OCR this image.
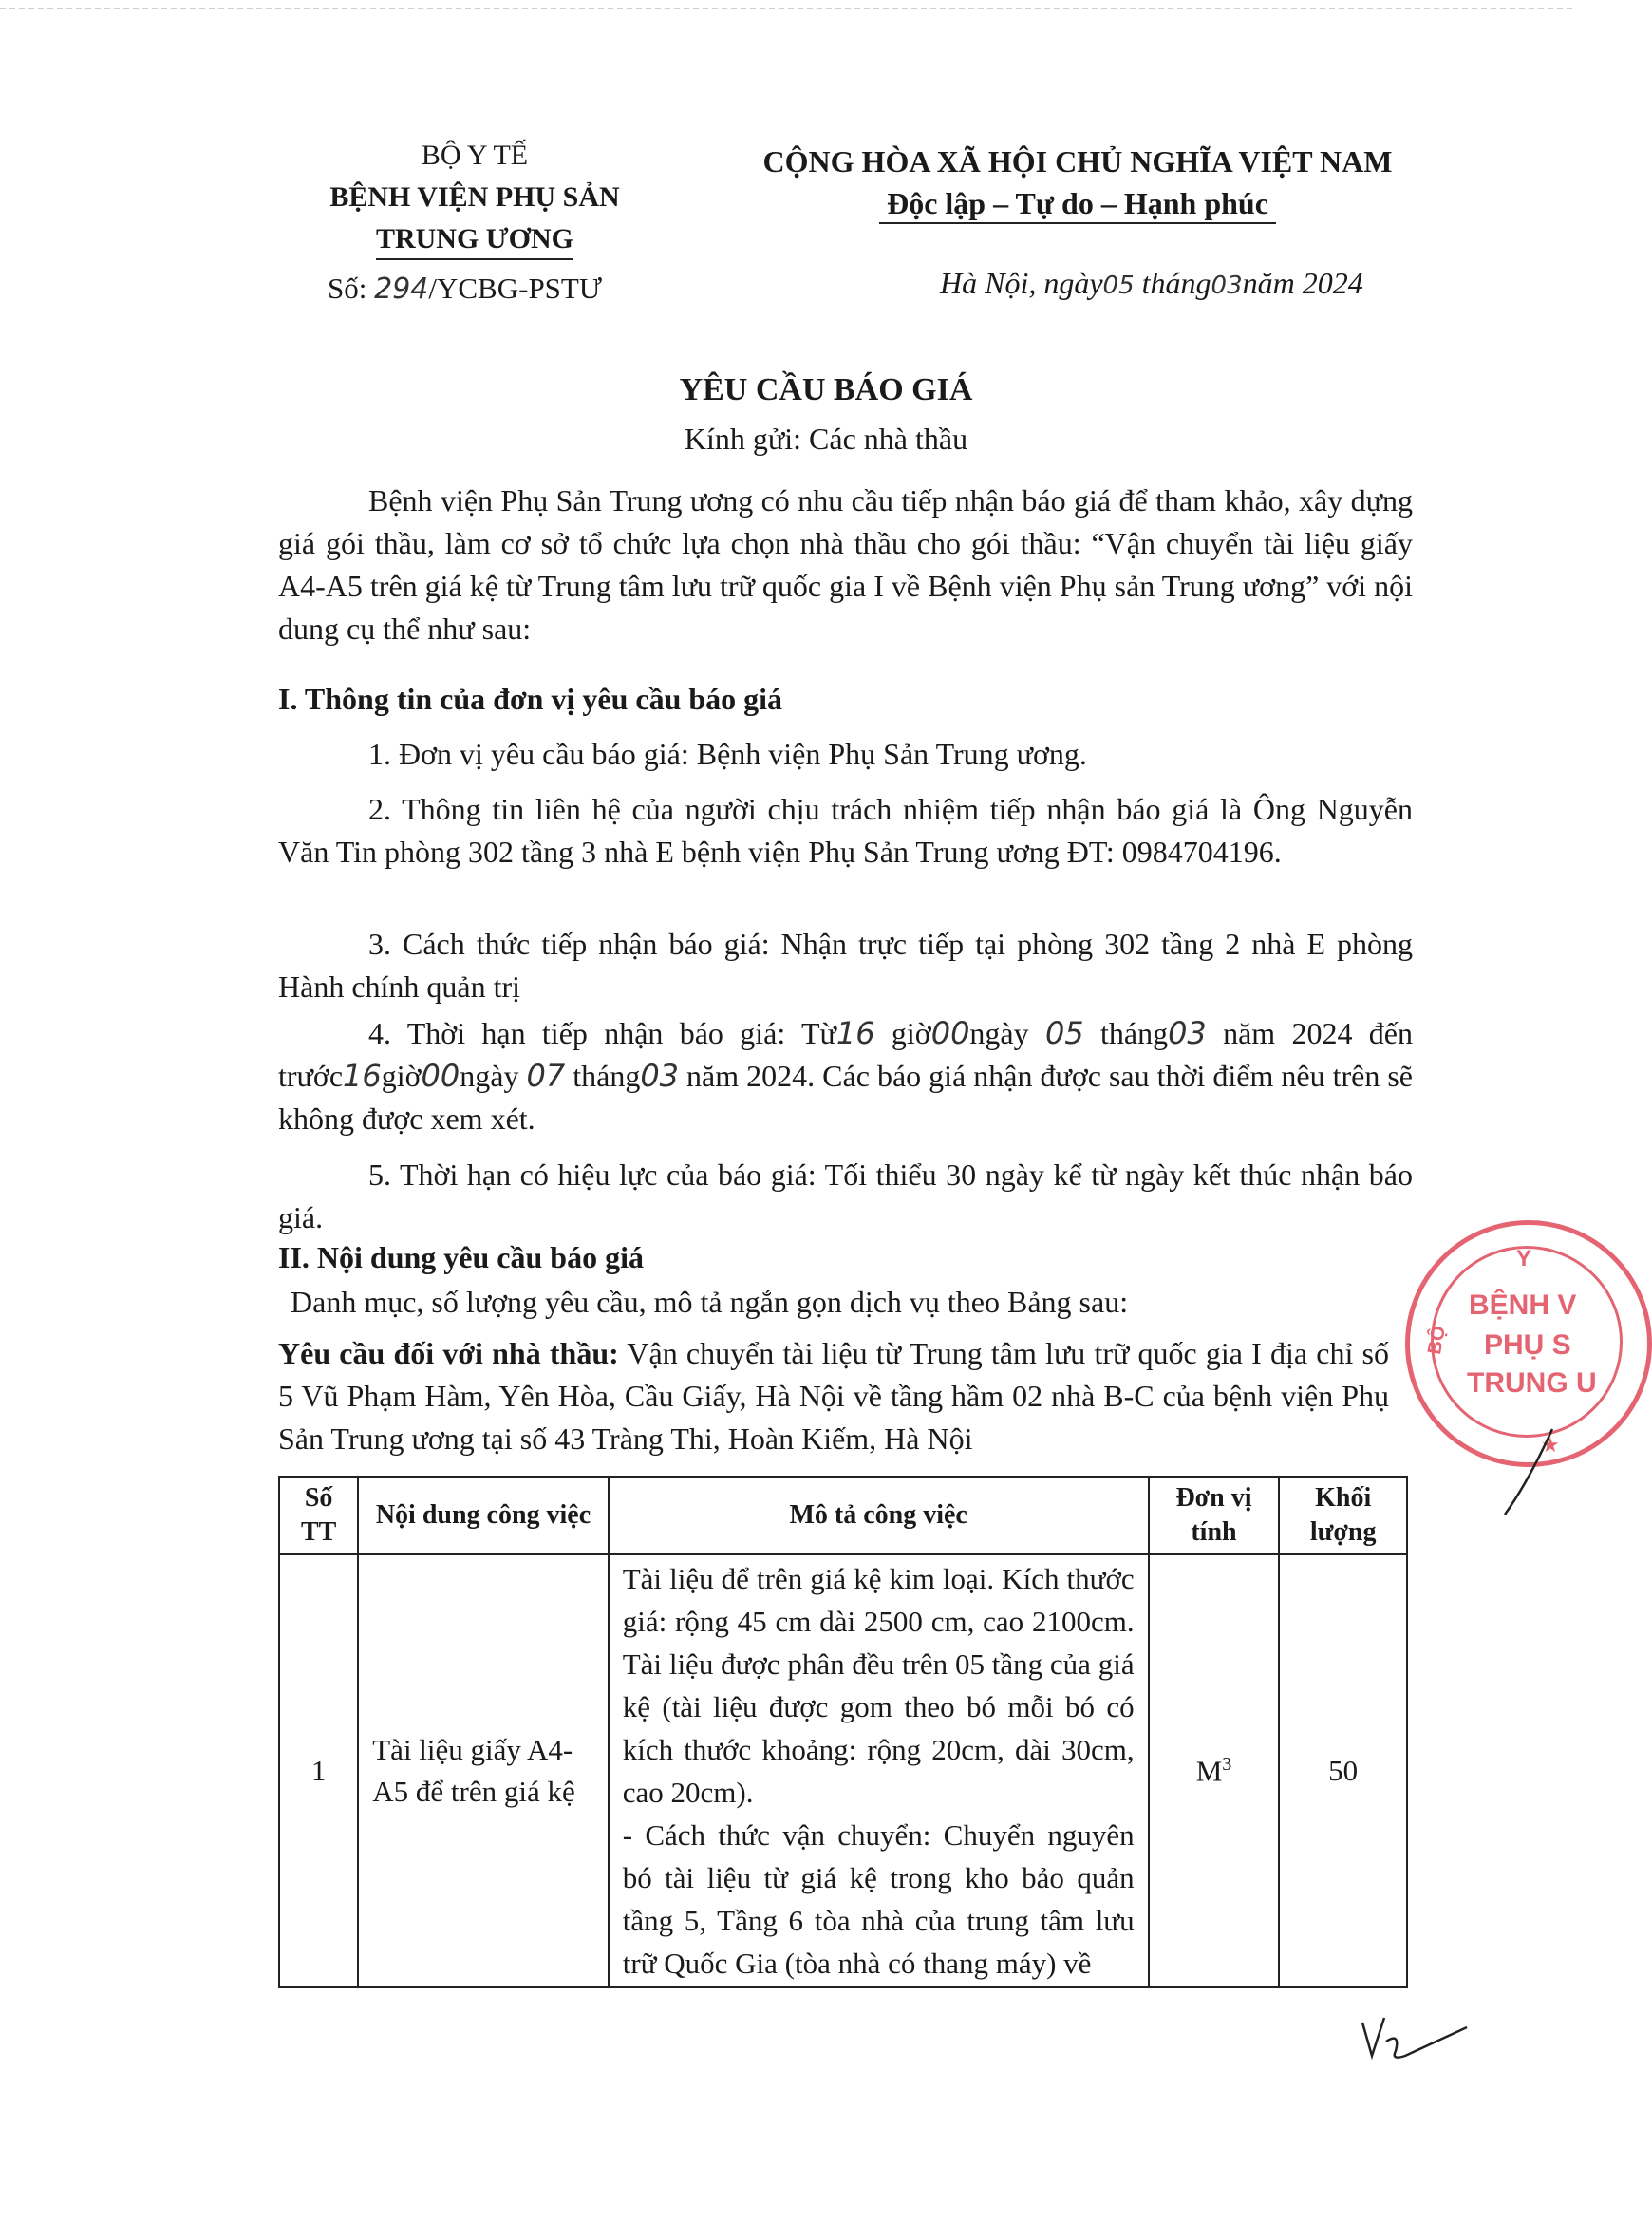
BỘ Y TẾ
BỆNH VIỆN PHỤ SẢN
TRUNG ƯƠNG
Số: 294/YCBG-PSTƯ
CỘNG HÒA XÃ HỘI CHỦ NGHĨA VIỆT NAM
Độc lập – Tự do – Hạnh phúc
Hà Nội, ngày05 tháng03năm 2024
YÊU CẦU BÁO GIÁ
Kính gửi: Các nhà thầu
Bệnh viện Phụ Sản Trung ương có nhu cầu tiếp nhận báo giá để tham khảo, xây dựng giá gói thầu, làm cơ sở tổ chức lựa chọn nhà thầu cho gói thầu: “Vận chuyển tài liệu giấy A4-A5 trên giá kệ từ Trung tâm lưu trữ quốc gia I về Bệnh viện Phụ sản Trung ương” với nội dung cụ thể như sau:
I. Thông tin của đơn vị yêu cầu báo giá
1. Đơn vị yêu cầu báo giá: Bệnh viện Phụ Sản Trung ương.
2. Thông tin liên hệ của người chịu trách nhiệm tiếp nhận báo giá là Ông Nguyễn Văn Tin phòng 302 tầng 3 nhà E bệnh viện Phụ Sản Trung ương ĐT: 0984704196.
3. Cách thức tiếp nhận báo giá: Nhận trực tiếp tại phòng 302 tầng 2 nhà E phòng Hành chính quản trị
4. Thời hạn tiếp nhận báo giá: Từ16 giờ00ngày 05 tháng03 năm 2024 đến trước16giờ00ngày 07 tháng03 năm 2024. Các báo giá nhận được sau thời điểm nêu trên sẽ không được xem xét.
5. Thời hạn có hiệu lực của báo giá: Tối thiểu 30 ngày kể từ ngày kết thúc nhận báo giá.
II. Nội dung yêu cầu báo giá
Danh mục, số lượng yêu cầu, mô tả ngắn gọn dịch vụ theo Bảng sau:
Yêu cầu đối với nhà thầu: Vận chuyển tài liệu từ Trung tâm lưu trữ quốc gia I địa chỉ số 5 Vũ Phạm Hàm, Yên Hòa, Cầu Giấy, Hà Nội về tầng hầm 02 nhà B-C của bệnh viện Phụ Sản Trung ương tại số 43 Tràng Thi, Hoàn Kiếm, Hà Nội
Số TT	Nội dung công việc	Mô tả công việc	Đơn vị tính	Khối lượng
1	Tài liệu giấy A4-A5 để trên giá kệ	Tài liệu để trên giá kệ kim loại. Kích thước giá: rộng 45 cm dài 2500 cm, cao 2100cm. Tài liệu được phân đều trên 05 tầng của giá kệ (tài liệu được gom theo bó mỗi bó có kích thước khoảng: rộng 20cm, dài 30cm, cao 20cm).
- Cách thức vận chuyển: Chuyển nguyên bó tài liệu từ giá kệ trong kho bảo quản tầng 5, Tầng 6 tòa nhà của trung tâm lưu trữ Quốc Gia (tòa nhà có thang máy) về	$M^3$	50
Y
BỆNH V
PHỤ S
TRUNG U
BỘ
★
